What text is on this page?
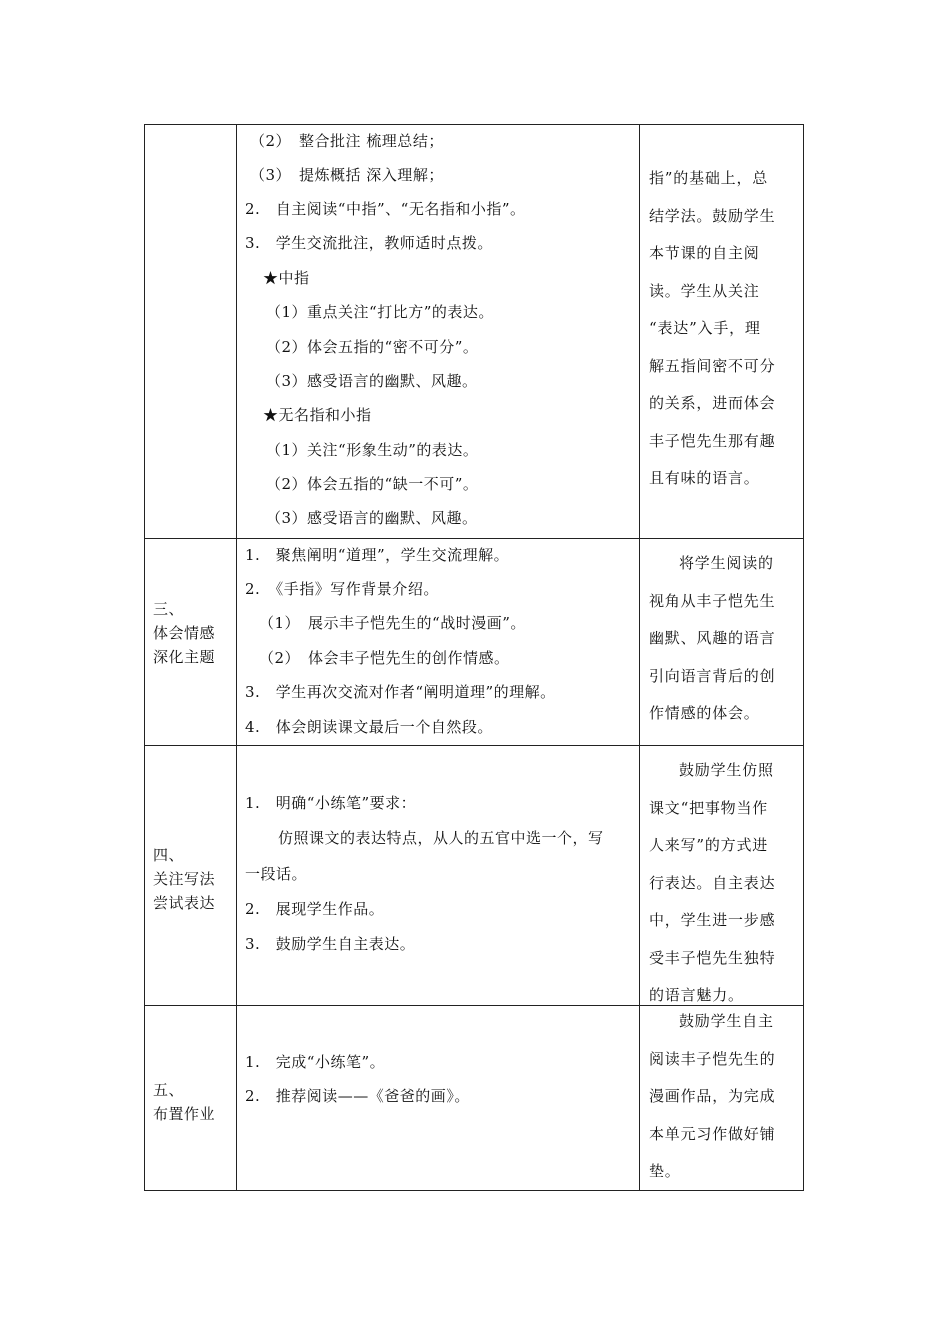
（2）　整合批注 梳理总结；
（3）　提炼概括 深入理解；
2.　自主阅读“中指”、“无名指和小指”。
3.　学生交流批注，教师适时点拨。
★中指
（1）重点关注“打比方”的表达。
（2）体会五指的“密不可分”。
（3）感受语言的幽默、风趣。
★无名指和小指
（1）关注“形象生动”的表达。
（2）体会五指的“缺一不可”。
（3）感受语言的幽默、风趣。
指”的基础上，总
结学法。鼓励学生
本节课的自主阅
读。学生从关注
“表达”入手，理
解五指间密不可分
的关系，进而体会
丰子恺先生那有趣
且有味的语言。
三、
体会情感
深化主题
1.　聚焦阐明“道理”，学生交流理解。
2.　《手指》写作背景介绍。
（1）　展示丰子恺先生的“战时漫画”。
（2）　体会丰子恺先生的创作情感。
3.　学生再次交流对作者“阐明道理”的理解。
4.　体会朗读课文最后一个自然段。
将学生阅读的
视角从丰子恺先生
幽默、风趣的语言
引向语言背后的创
作情感的体会。
四、
关注写法
尝试表达
1.　明确“小练笔”要求：
仿照课文的表达特点，从人的五官中选一个，写
一段话。
2.　展现学生作品。
3.　鼓励学生自主表达。
鼓励学生仿照
课文“把事物当作
人来写”的方式进
行表达。自主表达
中，学生进一步感
受丰子恺先生独特
的语言魅力。
五、
布置作业
1.　完成“小练笔”。
2.　推荐阅读——《爸爸的画》。
鼓励学生自主
阅读丰子恺先生的
漫画作品，为完成
本单元习作做好铺
垫。
